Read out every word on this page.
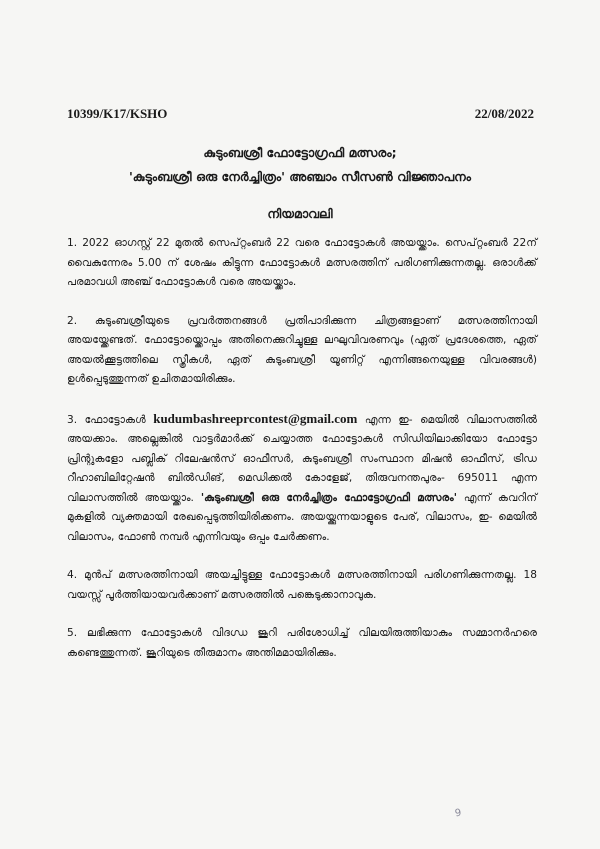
10399/K17/KSHO	22/08/2022
കുടുംബശ്രീ ഫോട്ടോഗ്രഫി മത്സരം;
'കുടുംബശ്രീ ഒരു നേർച്ചിത്രം' അഞ്ചാം സീസൺ വിജ്ഞാപനം
നിയമാവലി

1. 2022 ഓഗസ്റ്റ് 22 മുതൽ സെപ്റ്റംബർ 22 വരെ ഫോട്ടോകൾ അയയ്ക്കാം. സെപ്റ്റംബർ 22ന് വൈകുന്നേരം 5.00 ന് ശേഷം കിട്ടുന്ന ഫോട്ടോകൾ മത്സരത്തിന് പരിഗണിക്കുന്നതല്ല. ഒരാൾക്ക് പരമാവധി അഞ്ച് ഫോട്ടോകൾ വരെ അയയ്ക്കാം.

2. കുടുംബശ്രീയുടെ പ്രവർത്തനങ്ങൾ പ്രതിപാദിക്കുന്ന ചിത്രങ്ങളാണ് മത്സരത്തിനായി അയയ്ക്കേണ്ടത്. ഫോട്ടോയ്ക്കൊപ്പം അതിനെക്കുറിച്ചുള്ള ലഘുവിവരണവും (ഏത് പ്രദേശത്തെ, ഏത് അയൽക്കൂട്ടത്തിലെ സ്ത്രീകൾ, ഏത് കുടുംബശ്രീ യൂണിറ്റ് എന്നിങ്ങനെയുള്ള വിവരങ്ങൾ) ഉൾപ്പെടുത്തുന്നത് ഉചിതമായിരിക്കും.

3. ഫോട്ടോകൾ kudumbashreeprcontest@gmail.com എന്ന ഇ- മെയിൽ വിലാസത്തിൽ അയക്കാം. അല്ലെങ്കിൽ വാട്ടർമാർക്ക് ചെയ്യാത്ത ഫോട്ടോകൾ സിഡിയിലാക്കിയോ ഫോട്ടോ പ്രിന്റുകളോ പബ്ലിക് റിലേഷൻസ് ഓഫീസർ, കുടുംബശ്രീ സംസ്ഥാന മിഷൻ ഓഫീസ്, ട്രിഡ റീഹാബിലിറ്റേഷൻ ബിൽഡിങ്, മെഡിക്കൽ കോളേജ്, തിരുവനന്തപുരം- 695011 എന്ന വിലാസത്തിൽ അയയ്ക്കാം. 'കുടുംബശ്രീ ഒരു നേർച്ചിത്രം ഫോട്ടോഗ്രഫി മത്സരം' എന്ന് കവറിന് മുകളിൽ വ്യക്തമായി രേഖപ്പെടുത്തിയിരിക്കണം. അയയ്ക്കുന്നയാളുടെ പേര്, വിലാസം, ഇ- മെയിൽ വിലാസം, ഫോൺ നമ്പർ എന്നിവയും ഒപ്പം ചേർക്കണം.

4. മുൻപ് മത്സരത്തിനായി അയച്ചിട്ടുള്ള ഫോട്ടോകൾ മത്സരത്തിനായി പരിഗണിക്കുന്നതല്ല. 18 വയസ്സ് പൂർത്തിയായവർക്കാണ് മത്സരത്തിൽ പങ്കെടുക്കാനാവുക.

5. ലഭിക്കുന്ന ഫോട്ടോകൾ വിദഗ്ധ ജൂറി പരിശോധിച്ച് വിലയിരുത്തിയാകും സമ്മാനർഹരെ കണ്ടെത്തുന്നത്. ജൂറിയുടെ തീരുമാനം അന്തിമമായിരിക്കും.

9
